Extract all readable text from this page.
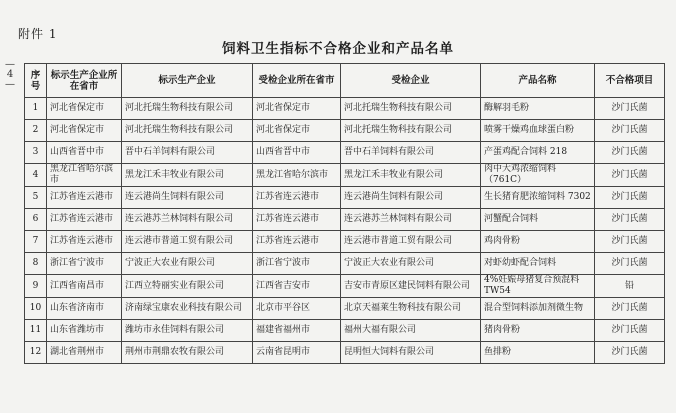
附件 1
饲料卫生指标不合格企业和产品名单
—
4
—
序号	标示生产企业所在省市	标示生产企业	受检企业所在省市	受检企业	产品名称	不合格项目
1	河北省保定市	河北托瑞生物科技有限公司	河北省保定市	河北托瑞生物科技有限公司	酶解羽毛粉	沙门氏菌
2	河北省保定市	河北托瑞生物科技有限公司	河北省保定市	河北托瑞生物科技有限公司	喷雾干燥鸡血球蛋白粉	沙门氏菌
3	山西省晋中市	晋中石羊饲料有限公司	山西省晋中市	晋中石羊饲料有限公司	产蛋鸡配合饲料 218	沙门氏菌
4	黑龙江省哈尔滨市	黑龙江禾丰牧业有限公司	黑龙江省哈尔滨市	黑龙江禾丰牧业有限公司	肉中大鸡浓缩饲料（761C）	沙门氏菌
5	江苏省连云港市	连云港尚生饲料有限公司	江苏省连云港市	连云港尚生饲料有限公司	生长猪育肥浓缩饲料 7302	沙门氏菌
6	江苏省连云港市	连云港苏兰林饲料有限公司	江苏省连云港市	连云港苏兰林饲料有限公司	河蟹配合饲料	沙门氏菌
7	江苏省连云港市	连云港市普道工贸有限公司	江苏省连云港市	连云港市普道工贸有限公司	鸡肉骨粉	沙门氏菌
8	浙江省宁波市	宁波正大农业有限公司	浙江省宁波市	宁波正大农业有限公司	对虾幼虾配合饲料	沙门氏菌
9	江西省南昌市	江西立特丽实业有限公司	江西省吉安市	吉安市青原区建民饲料有限公司	4%妊娠母猪复合预混料 TW54	铅
10	山东省济南市	济南绿宝康农业科技有限公司	北京市平谷区	北京天福莱生物科技有限公司	混合型饲料添加剂微生物	沙门氏菌
11	山东省潍坊市	潍坊市永佳饲料有限公司	福建省福州市	福州大福有限公司	猪肉骨粉	沙门氏菌
12	湖北省荆州市	荆州市荆鼎农牧有限公司	云南省昆明市	昆明恒大饲料有限公司	鱼排粉	沙门氏菌
